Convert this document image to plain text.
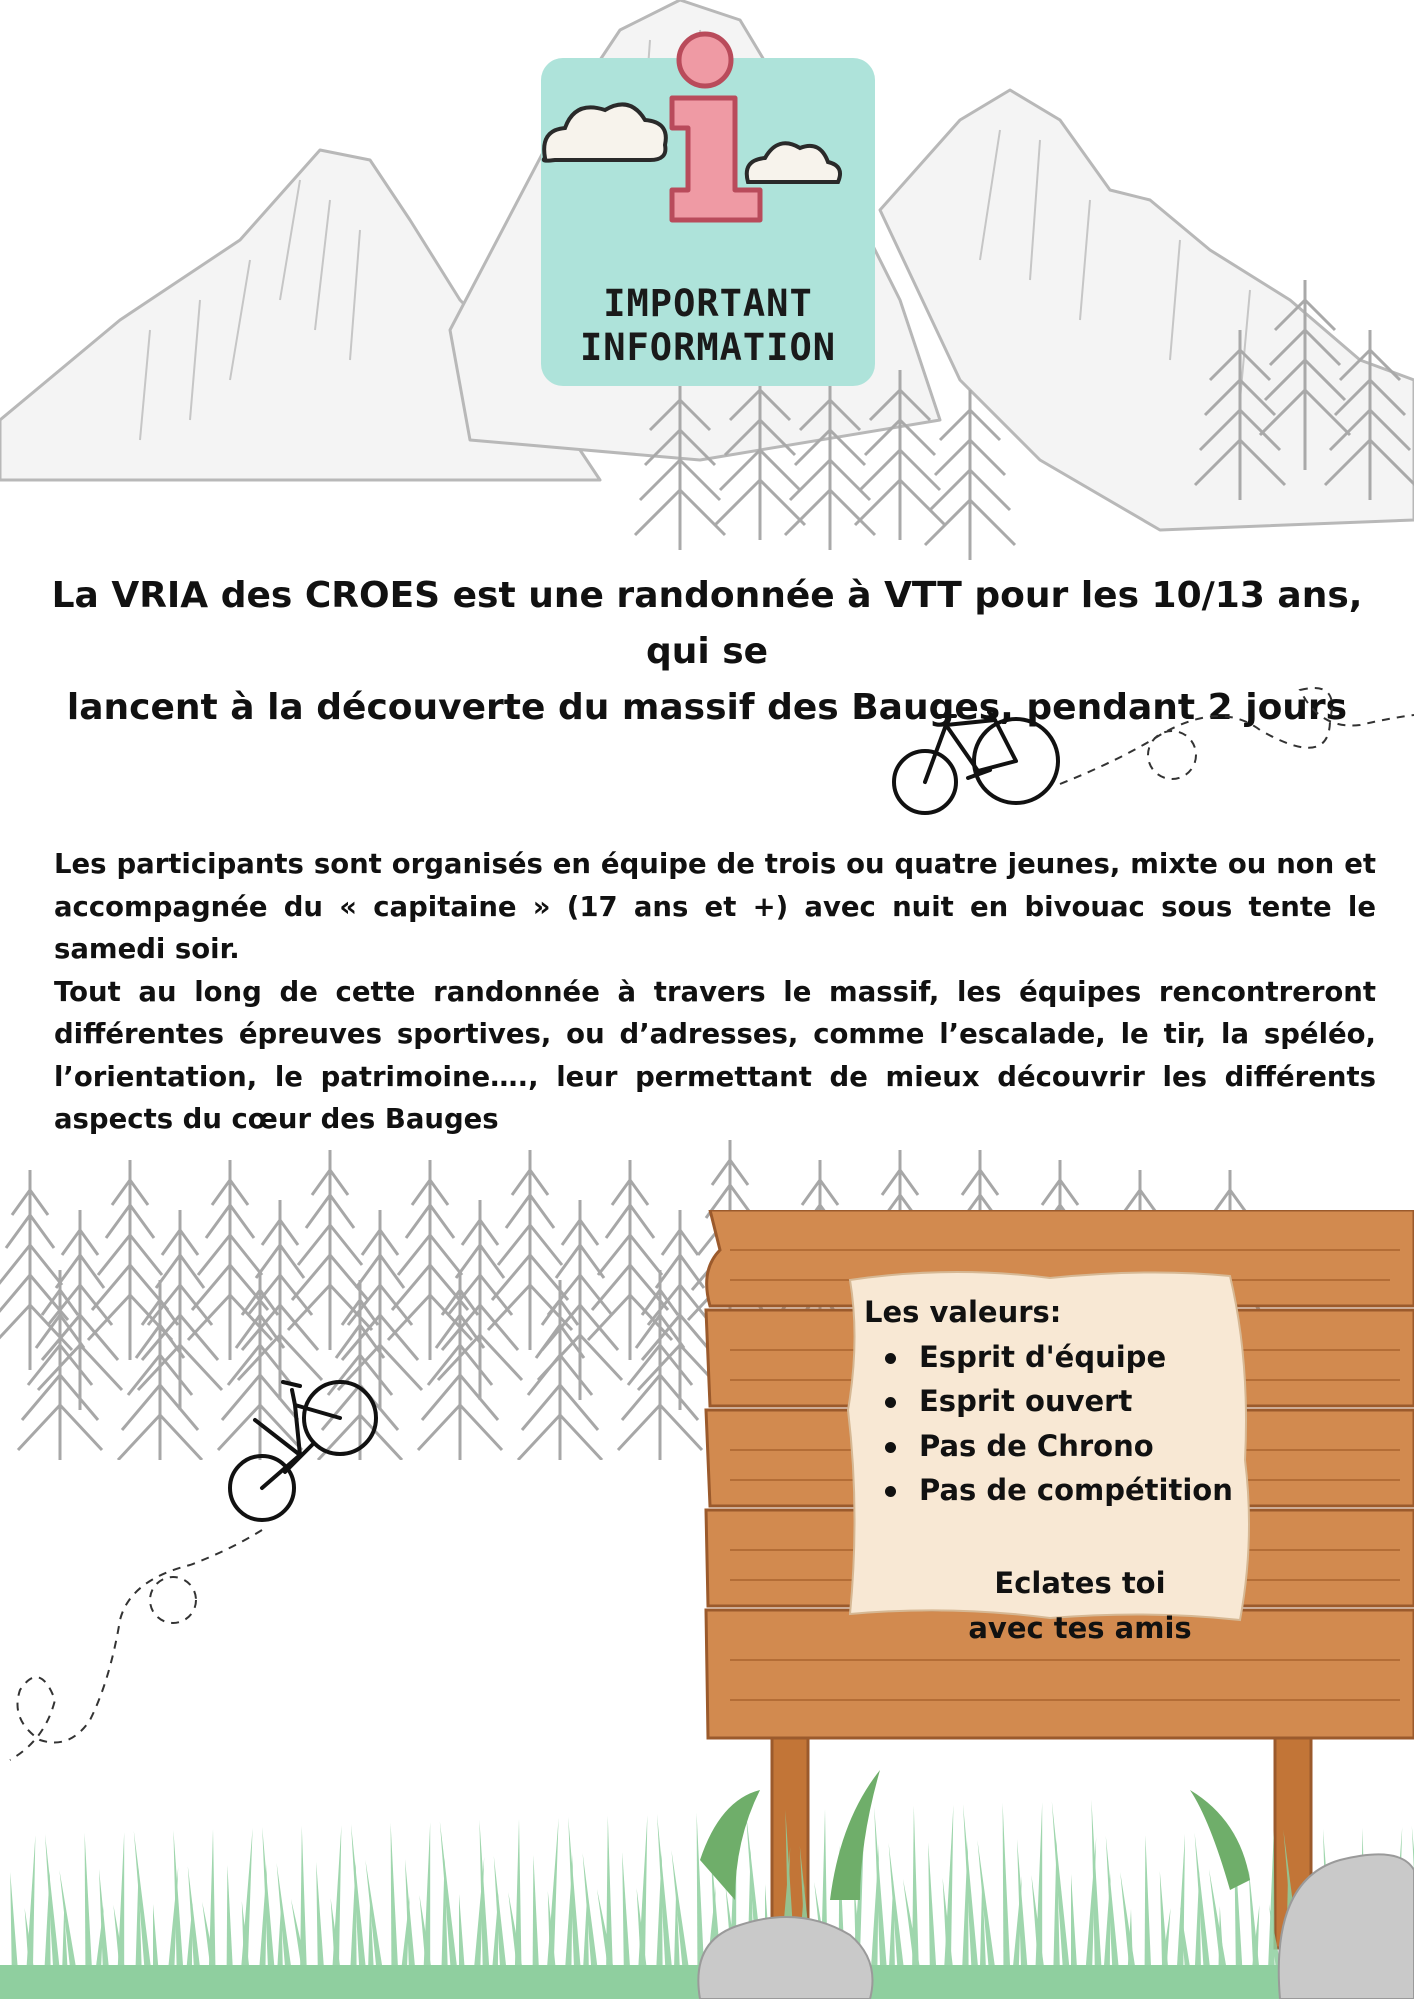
IMPORTANT
INFORMATION
La VRIA des CROES est une randonnée à VTT pour les 10/13 ans, qui se
lancent à la découverte du massif des Bauges, pendant 2 jours

Les participants sont organisés en équipe de trois ou quatre jeunes, mixte ou non et accompagnée du « capitaine » (17 ans et +) avec nuit en bivouac sous tente le samedi soir.

Tout au long de cette randonnée à travers le massif, les équipes rencontreront différentes épreuves sportives, ou d’adresses, comme l’escalade, le tir, la spéléo, l’orientation, le patrimoine…., leur permettant de mieux découvrir les différents aspects du cœur des Bauges

Les valeurs:
Esprit d'équipe
Esprit ouvert
Pas de Chrono
Pas de compétition
Eclates toi
avec tes amis
